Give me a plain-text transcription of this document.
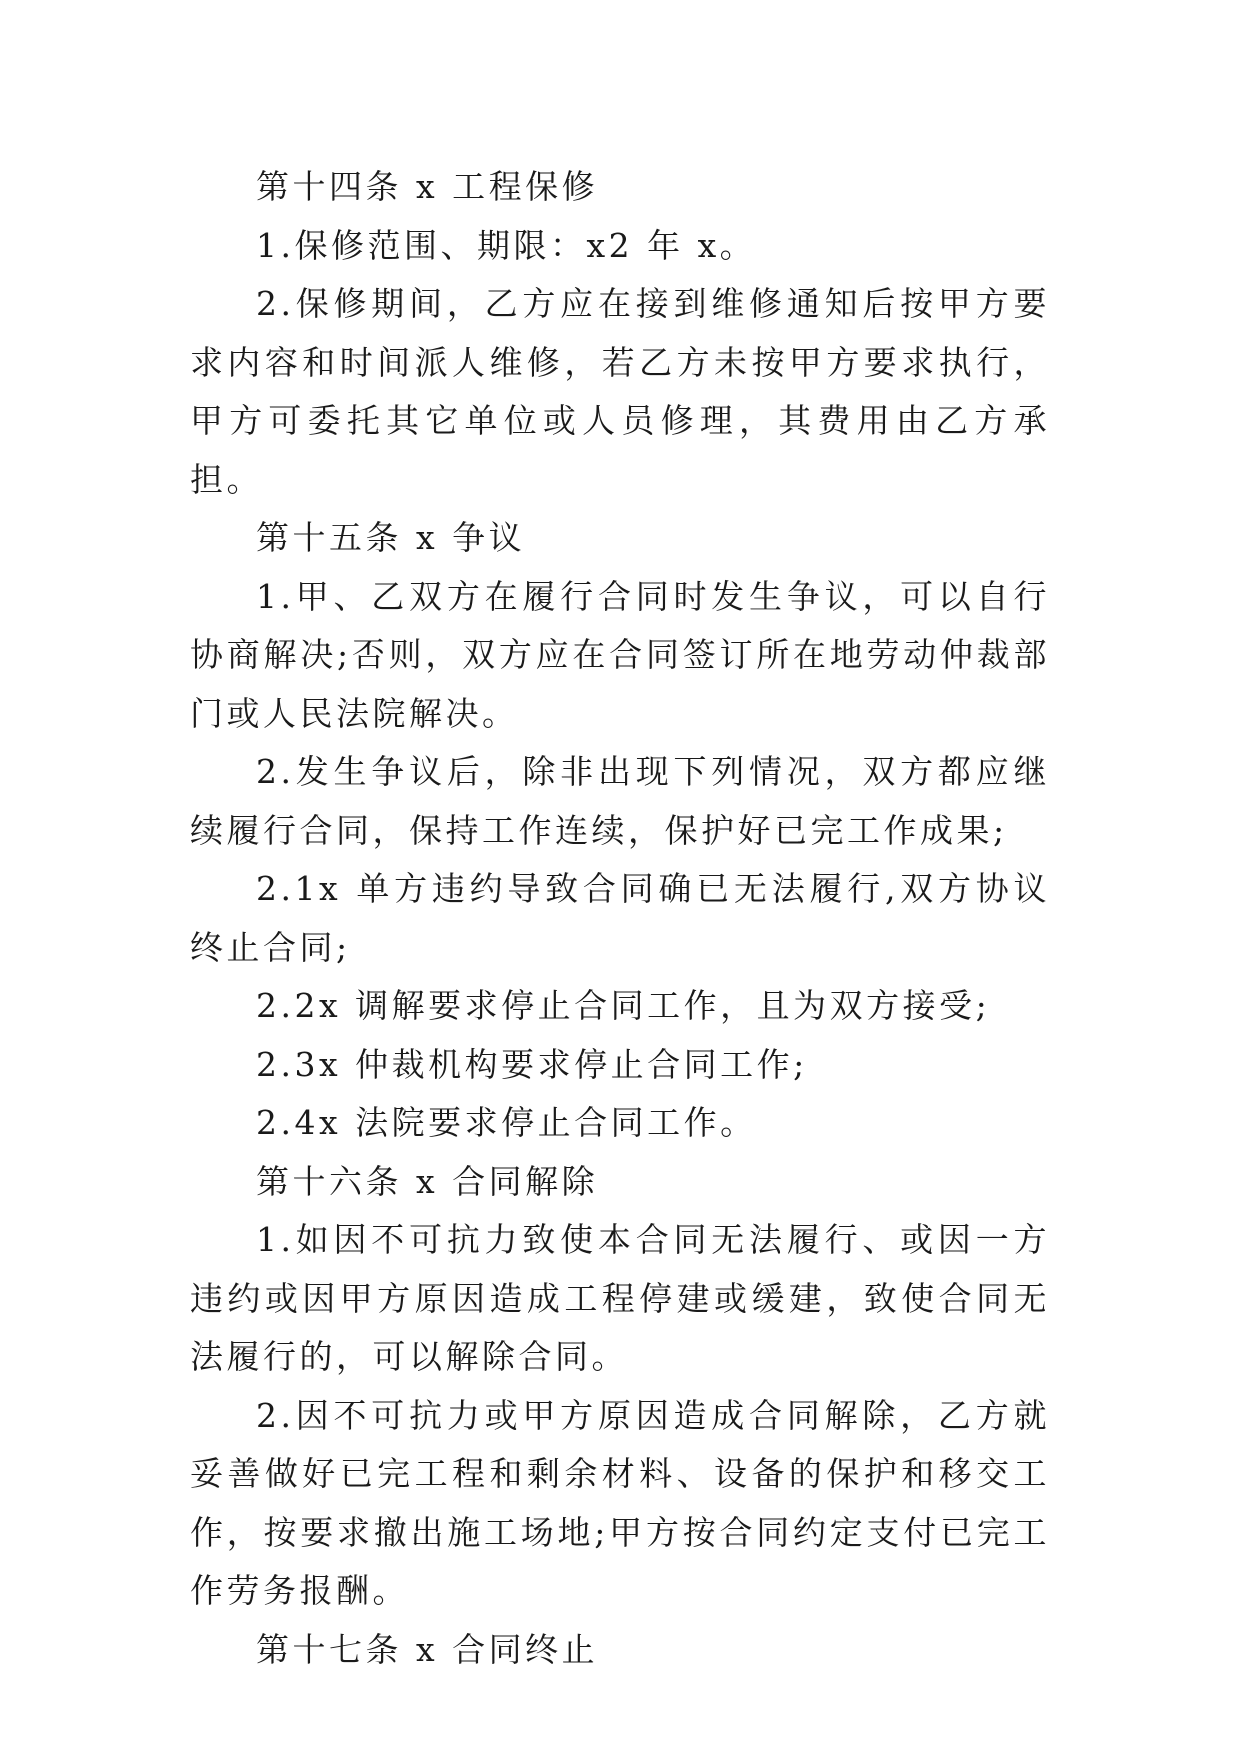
第十四条 x 工程保修

1.保修范围、期限：x2 年 x。

2.保修期间，乙方应在接到维修通知后按甲方要求内容和时间派人维修，若乙方未按甲方要求执行，甲方可委托其它单位或人员修理，其费用由乙方承担。

第十五条 x 争议

1.甲、乙双方在履行合同时发生争议，可以自行协商解决;否则，双方应在合同签订所在地劳动仲裁部门或人民法院解决。

2.发生争议后，除非出现下列情况，双方都应继续履行合同，保持工作连续，保护好已完工作成果;

2.1x 单方违约导致合同确已无法履行,双方协议终止合同;

2.2x 调解要求停止合同工作，且为双方接受;

2.3x 仲裁机构要求停止合同工作;

2.4x 法院要求停止合同工作。

第十六条 x 合同解除

1.如因不可抗力致使本合同无法履行、或因一方违约或因甲方原因造成工程停建或缓建，致使合同无法履行的，可以解除合同。

2.因不可抗力或甲方原因造成合同解除，乙方就妥善做好已完工程和剩余材料、设备的保护和移交工作，按要求撤出施工场地;甲方按合同约定支付已完工作劳务报酬。

第十七条 x 合同终止
